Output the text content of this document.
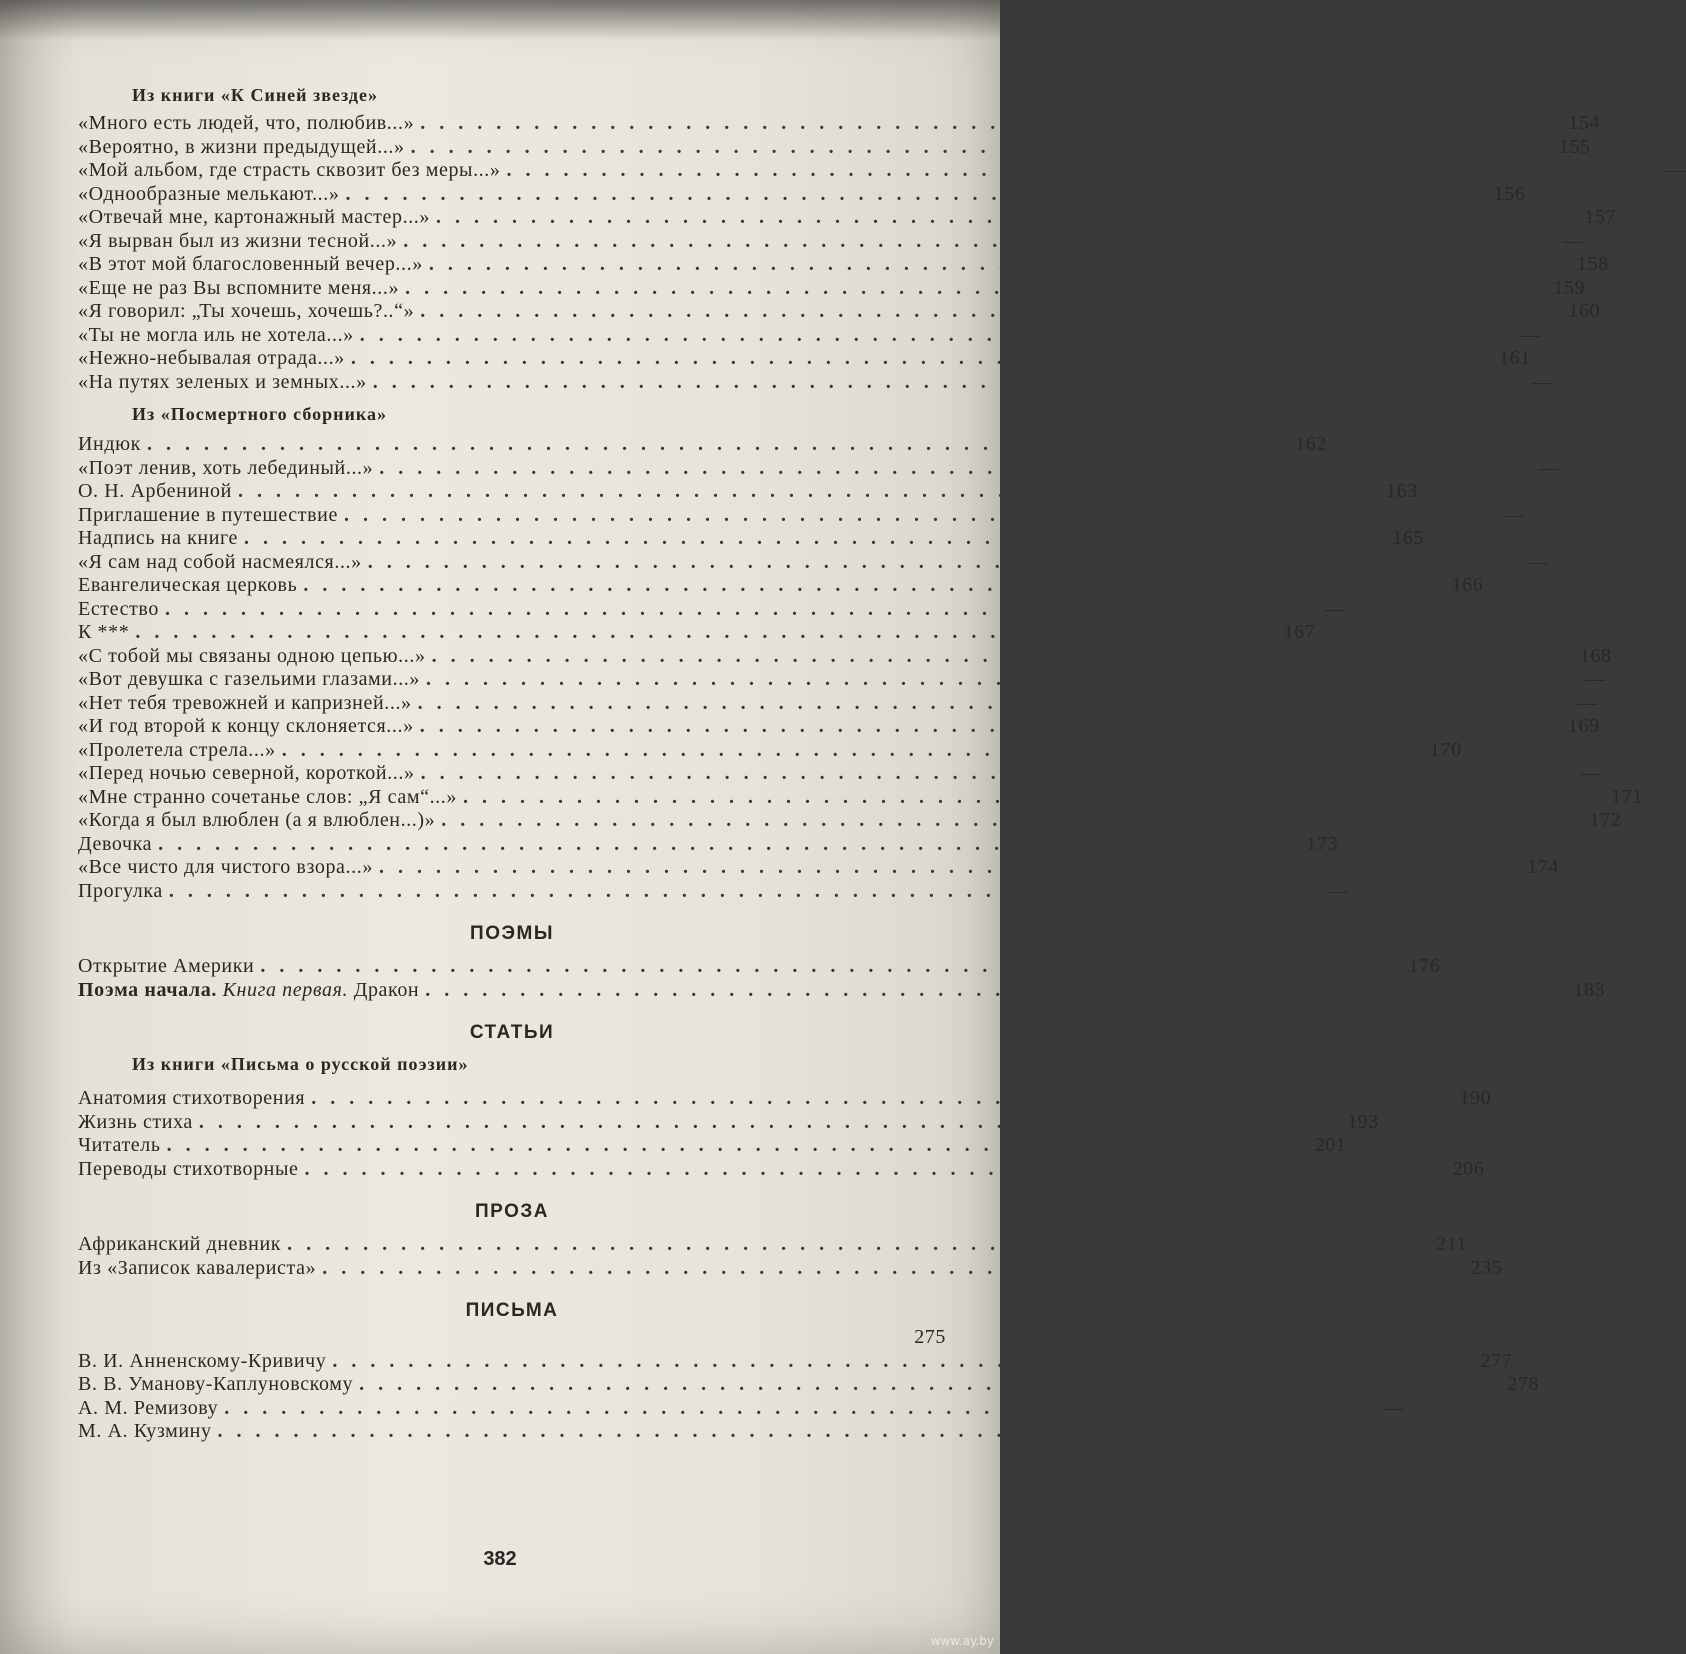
Из книги «К Синей звезде»

«Много есть людей, что, полюбив...» ............................................................ 154
«Вероятно, в жизни предыдущей...» ............................................................ 155
«Мой альбом, где страсть сквозит без меры...» ............................................................ —
«Однообразные мелькают...» ............................................................ 156
«Отвечай мне, картонажный мастер...» ............................................................ 157
«Я вырван был из жизни тесной...» ............................................................ —
«В этот мой благословенный вечер...» ............................................................ 158
«Еще не раз Вы вспомните меня...» ............................................................ 159
«Я говорил: „Ты хочешь, хочешь?..“» ............................................................ 160
«Ты не могла иль не хотела...» ............................................................ —
«Нежно-небывалая отрада...» ............................................................ 161
«На путях зеленых и земных...» ............................................................ —

Из «Посмертного сборника»

Индюк ............................................................ 162
«Поэт ленив, хоть лебединый...» ............................................................ —
О. Н. Арбениной ............................................................ 163
Приглашение в путешествие ............................................................ —
Надпись на книге ............................................................ 165
«Я сам над собой насмеялся...» ............................................................ —
Евангелическая церковь ............................................................ 166
Естество ............................................................ —
К *** ............................................................ 167
«С тобой мы связаны одною цепью...» ............................................................ 168
«Вот девушка с газельими глазами...» ............................................................ —
«Нет тебя тревожней и капризней...» ............................................................ —
«И год второй к концу склоняется...» ............................................................ 169
«Пролетела стрела...» ............................................................ 170
«Перед ночью северной, короткой...» ............................................................ —
«Мне странно сочетанье слов: „Я сам“...» ............................................................ 171
«Когда я был влюблен (а я влюблен...)» ............................................................ 172
Девочка ............................................................ 173
«Все чисто для чистого взора...» ............................................................ 174
Прогулка ............................................................ —

ПОЭМЫ

Открытие Америки ............................................................ 176
Поэма начала. Книга первая. Дракон ............................................................ 183

СТАТЬИ

Из книги «Письма о русской поэзии»

Анатомия стихотворения ............................................................ 190
Жизнь стиха ............................................................ 193
Читатель ............................................................ 201
Переводы стихотворные ............................................................ 206

ПРОЗА

Африканский дневник ............................................................ 211
Из «Записок кавалериста» ............................................................ 235

ПИСЬМА

275
В. И. Анненскому-Кривичу ............................................................ 277
В. В. Уманову-Каплуновскому ............................................................ 278
А. М. Ремизову ............................................................ —
М. А. Кузмину ............................................................
382
www.ay.by
